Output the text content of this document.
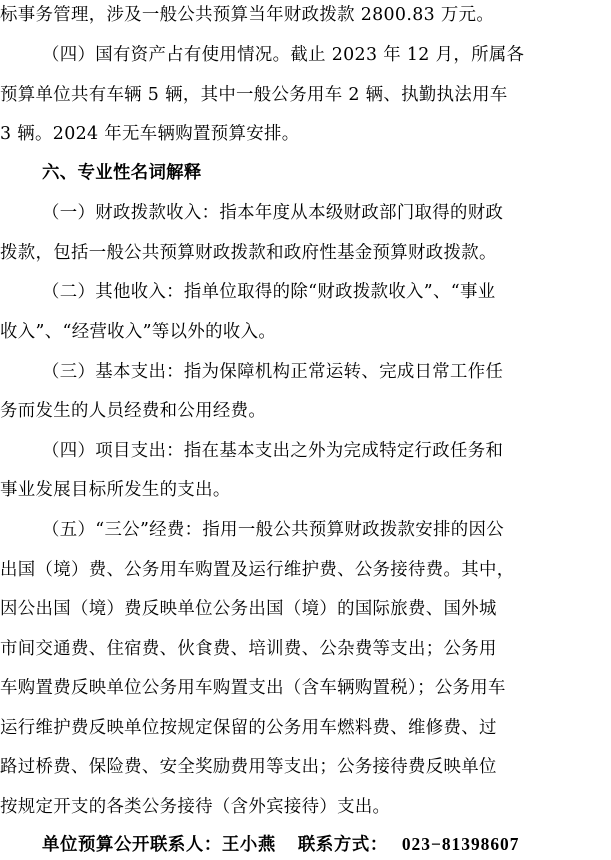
标事务管理，涉及一般公共预算当年财政拨款 2800.83 万元。
（四）国有资产占有使用情况。截止 2023 年 12 月，所属各
预算单位共有车辆 5 辆，其中一般公务用车 2 辆、执勤执法用车
3 辆。2024 年无车辆购置预算安排。
六、专业性名词解释
（一）财政拨款收入：指本年度从本级财政部门取得的财政
拨款，包括一般公共预算财政拨款和政府性基金预算财政拨款。
（二）其他收入：指单位取得的除“财政拨款收入”、“事业
收入”、“经营收入”等以外的收入。
（三）基本支出：指为保障机构正常运转、完成日常工作任
务而发生的人员经费和公用经费。
（四）项目支出：指在基本支出之外为完成特定行政任务和
事业发展目标所发生的支出。
（五）“三公”经费：指用一般公共预算财政拨款安排的因公
出国（境）费、公务用车购置及运行维护费、公务接待费。其中，
因公出国（境）费反映单位公务出国（境）的国际旅费、国外城
市间交通费、住宿费、伙食费、培训费、公杂费等支出；公务用
车购置费反映单位公务用车购置支出（含车辆购置税）；公务用车
运行维护费反映单位按规定保留的公务用车燃料费、维修费、过
路过桥费、保险费、安全奖励费用等支出；公务接待费反映单位
按规定开支的各类公务接待（含外宾接待）支出。
单位预算公开联系人：王小燕 联系方式： 023−81398607
